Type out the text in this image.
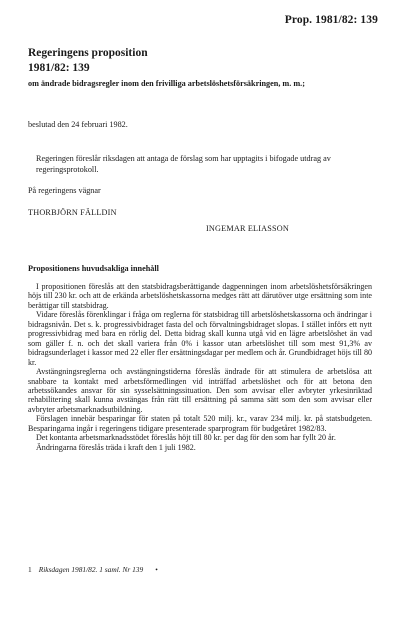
Prop. 1981/82: 139
Regeringens proposition
1981/82: 139
om ändrade bidragsregler inom den frivilliga arbetslöshetsförsäkringen, m. m.;
beslutad den 24 februari 1982.
Regeringen föreslår riksdagen att antaga de förslag som har upptagits i bifogade utdrag av regeringsprotokoll.
På regeringens vägnar
THORBJÖRN FÄLLDIN
INGEMAR ELIASSON
Propositionens huvudsakliga innehåll

I propositionen föreslås att den statsbidragsberättigande dagpenningen inom arbetslöshetsförsäkringen höjs till 230 kr. och att de erkända arbetslöshetskassorna medges rätt att därutöver utge ersättning som inte berättigar till statsbidrag.

Vidare föreslås förenklingar i fråga om reglerna för statsbidrag till arbetslöshetskassorna och ändringar i bidragsnivån. Det s. k. progressivbidraget fasta del och förvaltningsbidraget slopas. I stället införs ett nytt progressivbidrag med bara en rörlig del. Detta bidrag skall kunna utgå vid en lägre arbetslöshet än vad som gäller f. n. och det skall variera från 0% i kassor utan arbetslöshet till som mest 91,3% av bidragsunderlaget i kassor med 22 eller fler ersättningsdagar per medlem och år. Grundbidraget höjs till 80 kr.

Avstängningsreglerna och avstängningstiderna föreslås ändrade för att stimulera de arbetslösa att snabbare ta kontakt med arbetsförmedlingen vid inträffad arbetslöshet och för att betona den arbetssökandes ansvar för sin sysselsättningssituation. Den som avvisar eller avbryter yrkesinriktad rehabilitering skall kunna avstängas från rätt till ersättning på samma sätt som den som avvisar eller avbryter arbetsmarknadsutbildning.

Förslagen innebär besparingar för staten på totalt 520 milj. kr., varav 234 milj. kr. på statsbudgeten. Besparingarna ingår i regeringens tidigare presenterade sparprogram för budgetåret 1982/83.

Det kontanta arbetsmarknadsstödet föreslås höjt till 80 kr. per dag för den som har fyllt 20 år.

Ändringarna föreslås träda i kraft den 1 juli 1982.

1 Riksdagen 1981/82. 1 saml. Nr 139 •
